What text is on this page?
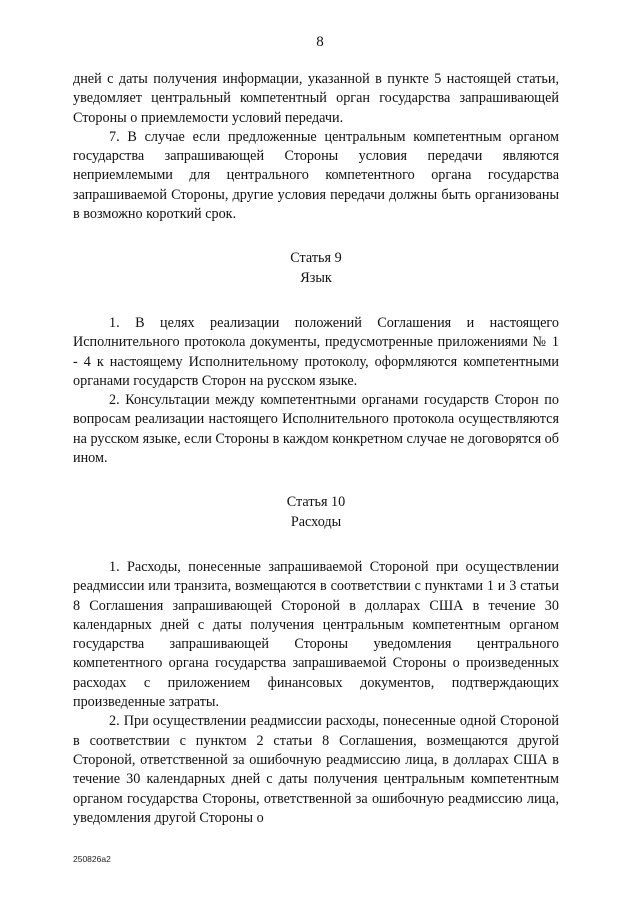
8

дней с даты получения информации, указанной в пункте 5 настоящей статьи, уведомляет центральный компетентный орган государства запрашивающей Стороны о приемлемости условий передачи.

7. В случае если предложенные центральным компетентным органом государства запрашивающей Стороны условия передачи являются неприемлемыми для центрального компетентного органа государства запрашиваемой Стороны, другие условия передачи должны быть организованы в возможно короткий срок.

Статья 9

Язык

1. В целях реализации положений Соглашения и настоящего Исполнительного протокола документы, предусмотренные приложениями № 1 - 4 к настоящему Исполнительному протоколу, оформляются компетентными органами государств Сторон на русском языке.

2. Консультации между компетентными органами государств Сторон по вопросам реализации настоящего Исполнительного протокола осуществляются на русском языке, если Стороны в каждом конкретном случае не договорятся об ином.

Статья 10

Расходы

1. Расходы, понесенные запрашиваемой Стороной при осуществлении реадмиссии или транзита, возмещаются в соответствии с пунктами 1 и 3 статьи 8 Соглашения запрашивающей Стороной в долларах США в течение 30 календарных дней с даты получения центральным компетентным органом государства запрашивающей Стороны уведомления центрального компетентного органа государства запрашиваемой Стороны о произведенных расходах с приложением финансовых документов, подтверждающих произведенные затраты.

2. При осуществлении реадмиссии расходы, понесенные одной Стороной в соответствии с пунктом 2 статьи 8 Соглашения, возмещаются другой Стороной, ответственной за ошибочную реадмиссию лица, в долларах США в течение 30 календарных дней с даты получения центральным компетентным органом государства Стороны, ответственной за ошибочную реадмиссию лица, уведомления другой Стороны о

250826а2
